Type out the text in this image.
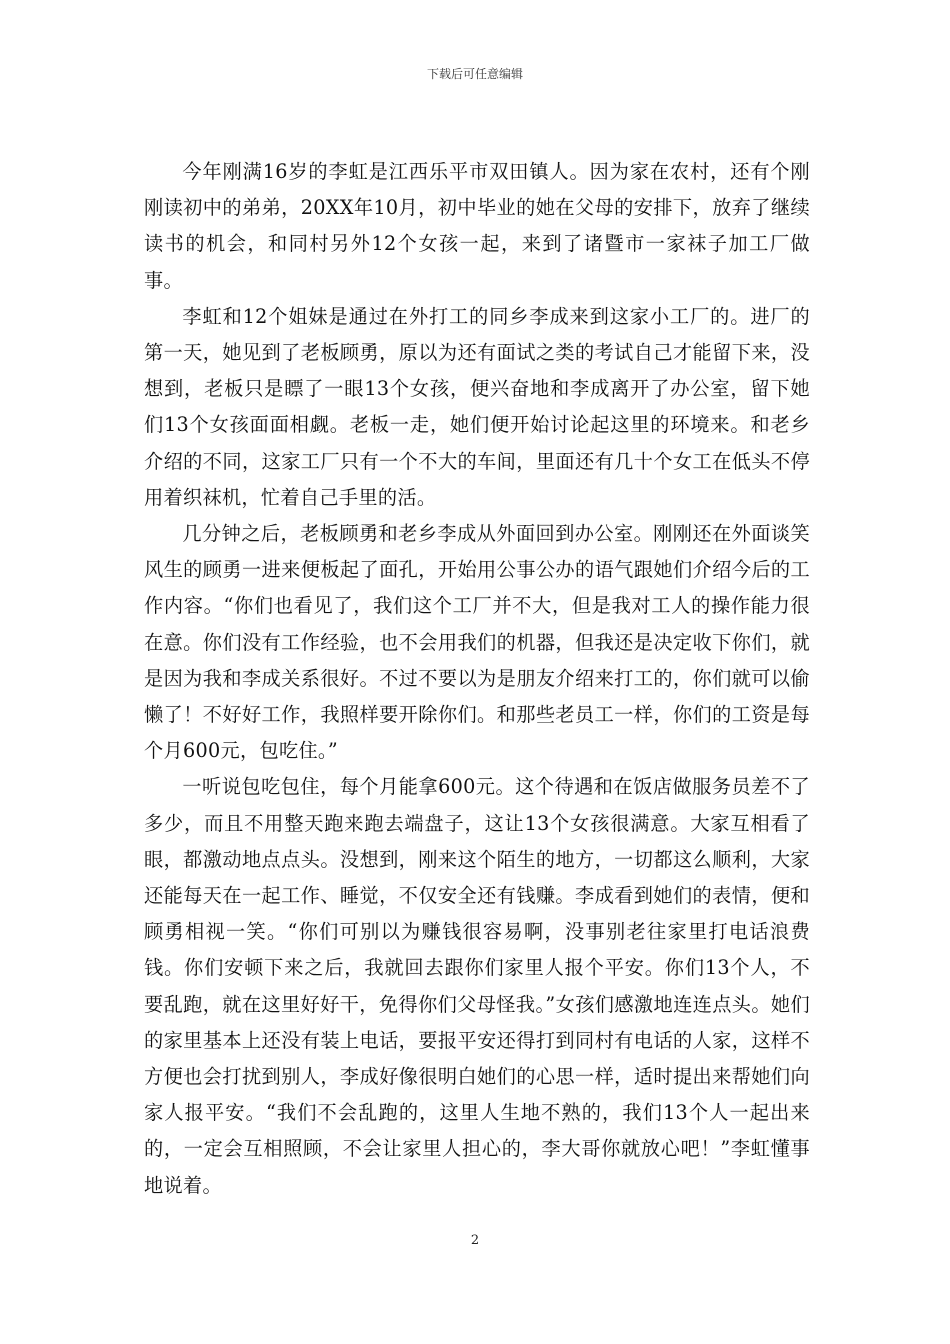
下载后可任意编辑

今年刚满16岁的李虹是江西乐平市双田镇人。因为家在农村，还有个刚刚读初中的弟弟，20XX年10月，初中毕业的她在父母的安排下，放弃了继续读书的机会，和同村另外12个女孩一起，来到了诸暨市一家袜子加工厂做事。

李虹和12个姐妹是通过在外打工的同乡李成来到这家小工厂的。进厂的第一天，她见到了老板顾勇，原以为还有面试之类的考试自己才能留下来，没想到，老板只是瞟了一眼13个女孩，便兴奋地和李成离开了办公室，留下她们13个女孩面面相觑。老板一走，她们便开始讨论起这里的环境来。和老乡介绍的不同，这家工厂只有一个不大的车间，里面还有几十个女工在低头不停用着织袜机，忙着自己手里的活。

几分钟之后，老板顾勇和老乡李成从外面回到办公室。刚刚还在外面谈笑风生的顾勇一进来便板起了面孔，开始用公事公办的语气跟她们介绍今后的工作内容。“你们也看见了，我们这个工厂并不大，但是我对工人的操作能力很在意。你们没有工作经验，也不会用我们的机器，但我还是决定收下你们，就是因为我和李成关系很好。不过不要以为是朋友介绍来打工的，你们就可以偷懒了！不好好工作，我照样要开除你们。和那些老员工一样，你们的工资是每个月600元，包吃住。”

一听说包吃包住，每个月能拿600元。这个待遇和在饭店做服务员差不了多少，而且不用整天跑来跑去端盘子，这让13个女孩很满意。大家互相看了眼，都激动地点点头。没想到，刚来这个陌生的地方，一切都这么顺利，大家还能每天在一起工作、睡觉，不仅安全还有钱赚。李成看到她们的表情，便和顾勇相视一笑。“你们可别以为赚钱很容易啊，没事别老往家里打电话浪费钱。你们安顿下来之后，我就回去跟你们家里人报个平安。你们13个人，不要乱跑，就在这里好好干，免得你们父母怪我。”女孩们感激地连连点头。她们的家里基本上还没有装上电话，要报平安还得打到同村有电话的人家，这样不方便也会打扰到别人，李成好像很明白她们的心思一样，适时提出来帮她们向家人报平安。“我们不会乱跑的，这里人生地不熟的，我们13个人一起出来的，一定会互相照顾，不会让家里人担心的，李大哥你就放心吧！”李虹懂事地说着。

2
